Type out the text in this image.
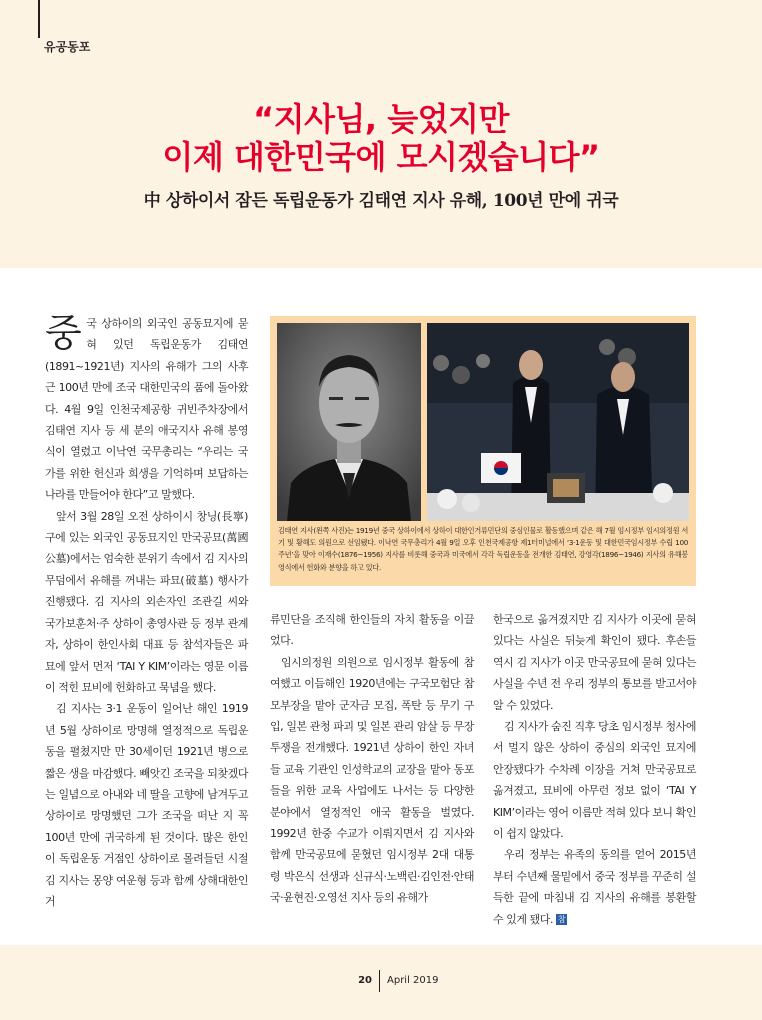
유공동포
“지사님, 늦었지만
이제 대한민국에 모시겠습니다”
中 상하이서 잠든 독립운동가 김태연 지사 유해, 100년 만에 귀국

중국 상하이의 외국인 공동묘지에 묻혀 있던 독립운동가 김태연(1891~1921년) 지사의 유해가 그의 사후 근 100년 만에 조국 대한민국의 품에 돌아왔다. 4월 9일 인천국제공항 귀빈주차장에서 김태연 지사 등 세 분의 애국지사 유해 봉영식이 열렸고 이낙연 국무총리는 “우리는 국가를 위한 헌신과 희생을 기억하며 보답하는 나라를 만들어야 한다”고 말했다.

앞서 3월 28일 오전 상하이시 창닝(長寧)구에 있는 외국인 공동묘지인 만국공묘(萬國公墓)에서는 엄숙한 분위기 속에서 김 지사의 무덤에서 유해를 꺼내는 파묘(破墓) 행사가 진행됐다. 김 지사의 외손자인 조관길 씨와 국가보훈처·주 상하이 총영사관 등 정부 관계자, 상하이 한인사회 대표 등 참석자들은 파묘에 앞서 먼저 ‘TAI Y KIM’이라는 영문 이름이 적힌 묘비에 헌화하고 묵념을 했다.

김 지사는 3·1 운동이 일어난 해인 1919년 5월 상하이로 망명해 열정적으로 독립운동을 펼쳤지만 만 30세이던 1921년 병으로 짧은 생을 마감했다. 빼앗긴 조국을 되찾겠다는 일념으로 아내와 네 딸을 고향에 남겨두고 상하이로 망명했던 그가 조국을 떠난 지 꼭 100년 만에 귀국하게 된 것이다. 많은 한인이 독립운동 거점인 상하이로 몰려들던 시절 김 지사는 몽양 여운형 등과 함께 상해대한인거

김태연 지사(왼쪽 사진)는 1919년 중국 상하이에서 상하이 대한인거류민단의 중심인물로 활동했으며 같은 해 7월 임시정부 임시의정원 서기 및 황해도 의원으로 선임됐다. 이낙연 국무총리가 4월 9일 오후 인천국제공항 제1터미널에서 ‘3·1운동 및 대한민국임시정부 수립 100주년’을 맞아 이재수(1876~1956) 지사를 비롯해 중국과 미국에서 각각 독립운동을 전개한 김태연, 강영각(1896~1946) 지사의 유해봉영식에서 헌화와 분향을 하고 있다.

류민단을 조직해 한인들의 자치 활동을 이끌었다.

임시의정원 의원으로 임시정부 활동에 참여했고 이듬해인 1920년에는 구국모험단 참모부장을 맡아 군자금 모집, 폭탄 등 무기 구입, 일본 관청 파괴 및 일본 관리 암살 등 무장 투쟁을 전개했다. 1921년 상하이 한인 자녀들 교육 기관인 인성학교의 교장을 맡아 동포들을 위한 교육 사업에도 나서는 등 다양한 분야에서 열정적인 애국 활동을 벌였다. 1992년 한중 수교가 이뤄지면서 김 지사와 함께 만국공묘에 묻혔던 임시정부 2대 대통령 박은식 선생과 신규식·노백린·김인전·안태국·윤현진·오영선 지사 등의 유해가

한국으로 옮겨졌지만 김 지사가 이곳에 묻혀 있다는 사실은 뒤늦게 확인이 됐다. 후손들 역시 김 지사가 이곳 만국공묘에 묻혀 있다는 사실을 수년 전 우리 정부의 통보를 받고서야 알 수 있었다.

김 지사가 숨진 직후 당초 임시정부 청사에서 멀지 않은 상하이 중심의 외국인 묘지에 안장됐다가 수차례 이장을 거쳐 만국공묘로 옮겨졌고, 묘비에 아무런 정보 없이 ‘TAI Y KIM’이라는 영어 이름만 적혀 있다 보니 확인이 쉽지 않았다.

우리 정부는 유족의 동의를 얻어 2015년부터 수년째 물밑에서 중국 정부를 꾸준히 설득한 끝에 마침내 김 지사의 유해를 봉환할 수 있게 됐다. 참

20 April 2019
